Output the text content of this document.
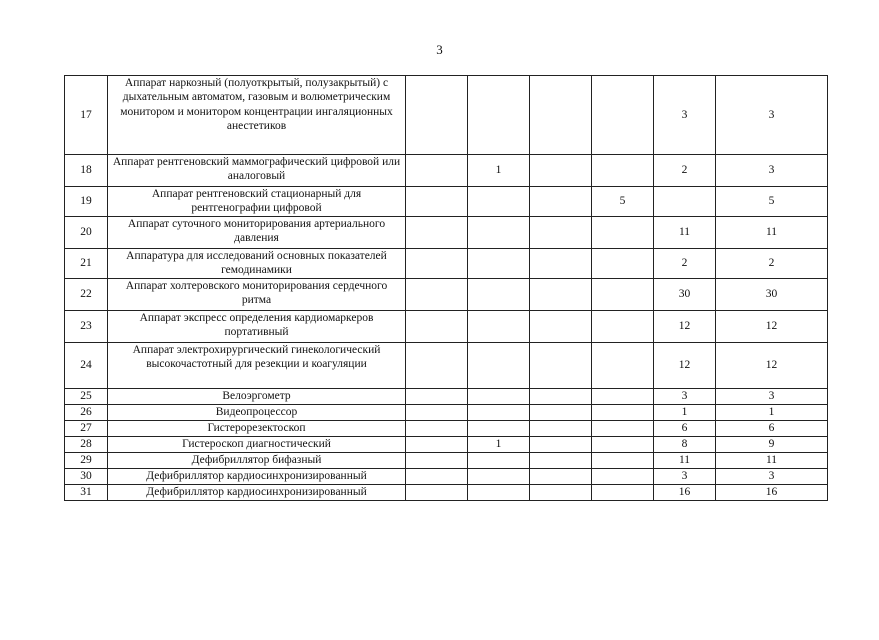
3
17	Аппарат наркозный (полуоткрытый, полузакрытый) с дыхательным автоматом, газовым и волюметрическим монитором и монитором концентрации ингаляционных анестетиков					3	3
18	Аппарат рентгеновский маммографический цифровой или аналоговый		1			2	3
19	Аппарат рентгеновский стационарный для рентгенографии цифровой				5		5
20	Аппарат суточного мониторирования артериального давления					11	11
21	Аппаратура для исследований основных показателей гемодинамики					2	2
22	Аппарат холтеровского мониторирования сердечного ритма					30	30
23	Аппарат экспресс определения кардиомаркеров портативный					12	12
24	Аппарат электрохирургический гинекологический высокочастотный для резекции и коагуляции					12	12
25	Велоэргометр					3	3
26	Видеопроцессор					1	1
27	Гистерорезектоскоп					6	6
28	Гистероскоп диагностический		1			8	9
29	Дефибриллятор бифазный					11	11
30	Дефибриллятор кардиосинхронизированный					3	3
31	Дефибриллятор кардиосинхронизированный					16	16
